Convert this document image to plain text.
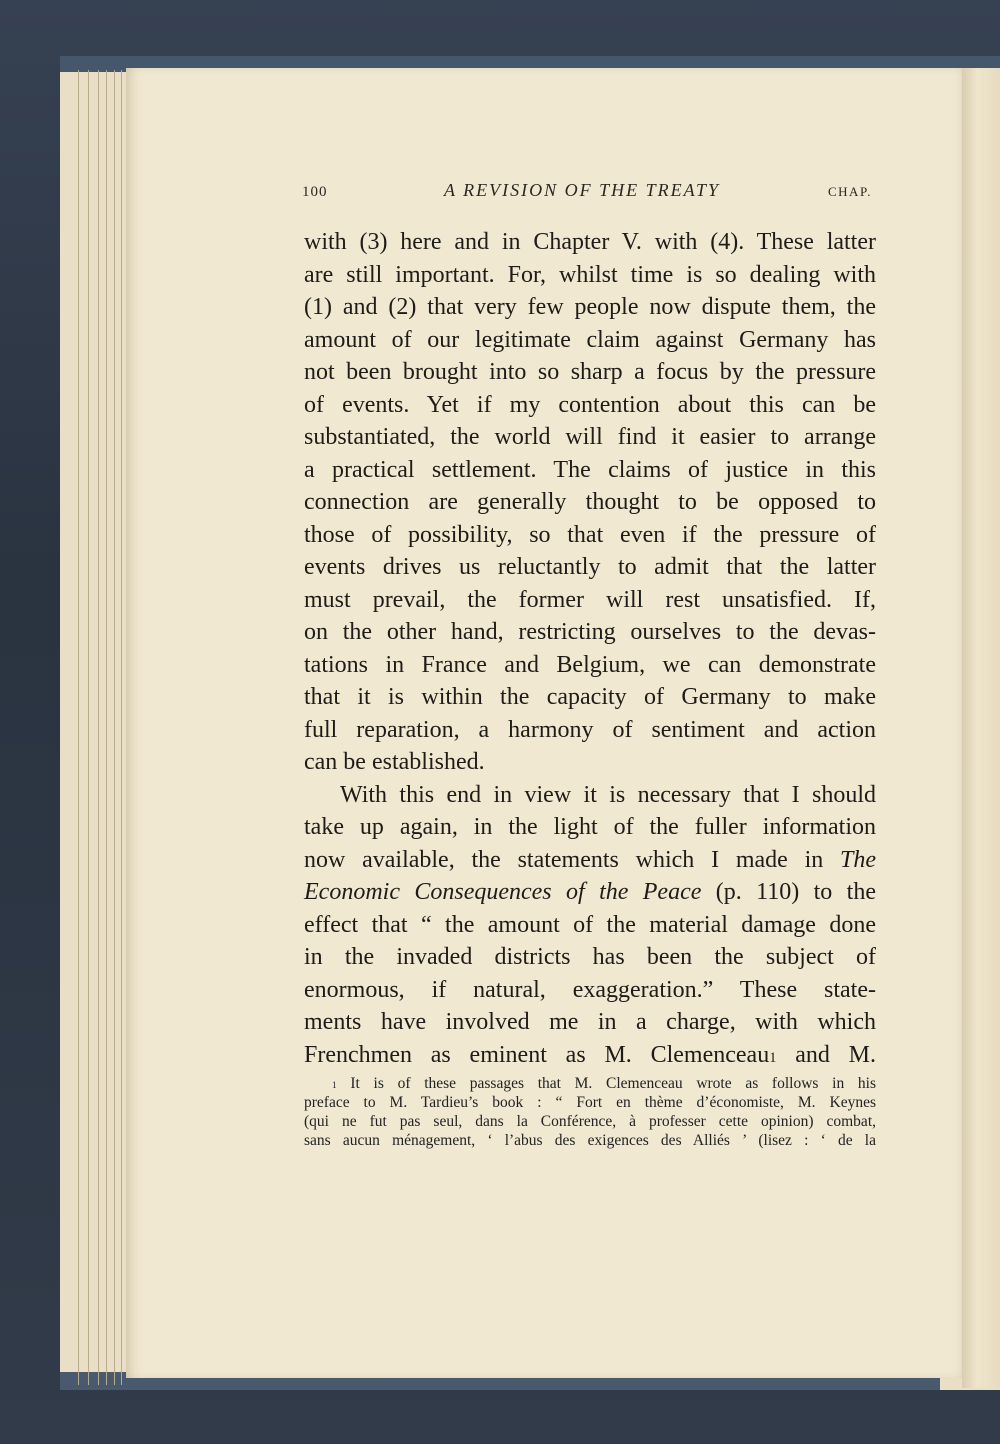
100	A REVISION OF THE TREATY	CHAP.
with (3) here and in Chapter V. with (4). These latter
are still important. For, whilst time is so dealing with
(1) and (2) that very few people now dispute them, the
amount of our legitimate claim against Germany has
not been brought into so sharp a focus by the pressure
of events. Yet if my contention about this can be
substantiated, the world will find it easier to arrange
a practical settlement. The claims of justice in this
connection are generally thought to be opposed to
those of possibility, so that even if the pressure of
events drives us reluctantly to admit that the latter
must prevail, the former will rest unsatisfied. If,
on the other hand, restricting ourselves to the devas-
tations in France and Belgium, we can demonstrate
that it is within the capacity of Germany to make
full reparation, a harmony of sentiment and action
can be established.
With this end in view it is necessary that I should
take up again, in the light of the fuller information
now available, the statements which I made in The
Economic Consequences of the Peace (p. 110) to the
effect that “ the amount of the material damage done
in the invaded districts has been the subject of
enormous, if natural, exaggeration.” These state-
ments have involved me in a charge, with which
Frenchmen as eminent as M. Clemenceau$^1$ and M.
$^1$ It is of these passages that M. Clemenceau wrote as follows in his
preface to M. Tardieu’s book : “ Fort en thème d’économiste, M. Keynes
(qui ne fut pas seul, dans la Conférence, à professer cette opinion) combat,
sans aucun ménagement, ‘ l’abus des exigences des Alliés ’ (lisez : ‘ de la
